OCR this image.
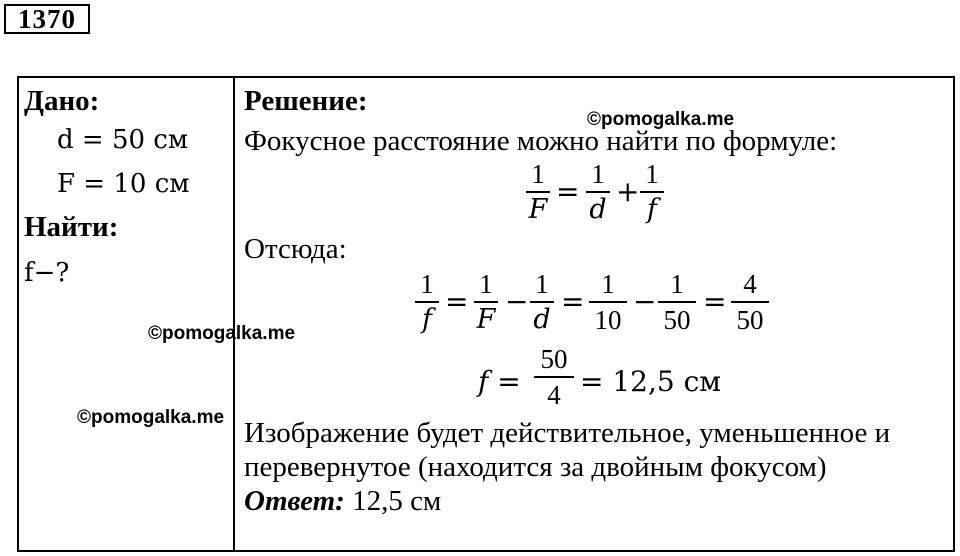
1370
Дано:
d = 50 см
F = 10 см
Найти:
f−?
Решение:
Фокусное расстояние можно найти по формуле:
1
F
=
1
d
+
1
f
Отсюда:
1
f
=
1
F
−
1
d
=
1
10
−
1
50
=
4
50
f =
50
4 = 12,5 см
Изображение будет действительное, уменьшенное и
перевернутое (находится за двойным фокусом)
Ответ: 12,5 см
©pomogalka.me
©pomogalka.me
©pomogalka.me
